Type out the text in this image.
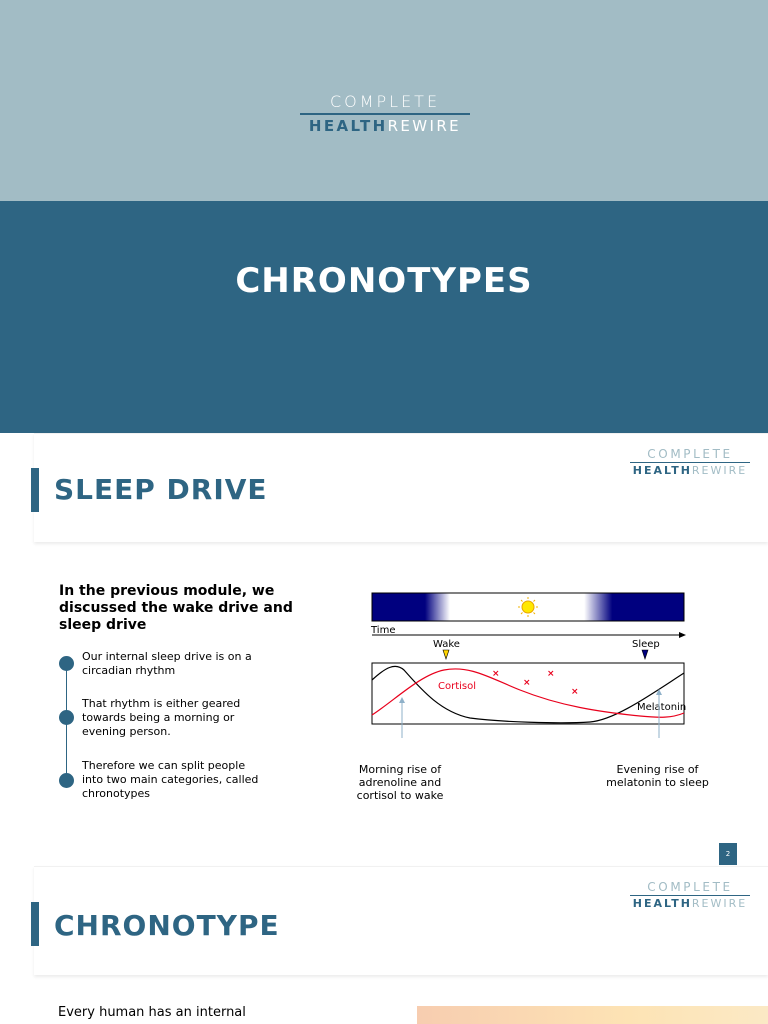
COMPLETE
HEALTHREWIRE
CHRONOTYPES
SLEEP DRIVE
COMPLETE
HEALTHREWIRE
In the previous module, we discussed the wake drive and sleep drive
Our internal sleep drive is on a circadian rhythm
That rhythm is either geared towards being a morning or evening person.
Therefore we can split people into two main categories, called chronotypes
Time
Wake	Sleep
Cortisol
Melatonin
×	×
×
×
Morning rise of adrenoline and cortisol to wake
Evening rise of melatonin to sleep
2
CHRONOTYPE
COMPLETE
HEALTHREWIRE
Every human has an internal
